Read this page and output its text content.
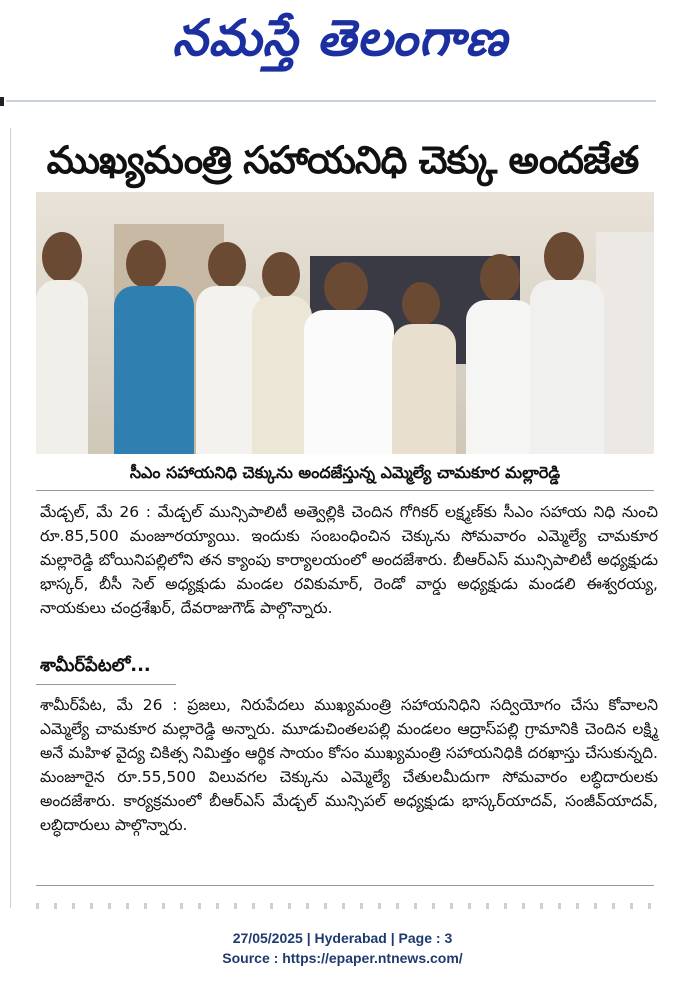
నమస్తే తెలంగాణ
ముఖ్యమంత్రి సహాయనిధి చెక్కు అందజేత
సీఎం సహాయనిధి చెక్కును అందజేస్తున్న ఎమ్మెల్యే చామకూర మల్లారెడ్డి
మేడ్చల్, మే 26 : మేడ్చల్ మున్సిపాలిటీ అత్వెల్లికి చెందిన గోగికర్ లక్ష్మణ్‌కు సీఎం సహాయ నిధి నుంచి రూ.85,500 మంజూరయ్యాయి. ఇందుకు సంబంధించిన చెక్కును సోమవారం ఎమ్మెల్యే చామకూర మల్లారెడ్డి బోయినిపల్లిలోని తన క్యాంపు కార్యాలయంలో అందజేశారు. బీఆర్ఎస్ మున్సిపాలిటీ అధ్యక్షుడు భాస్కర్, బీసీ సెల్ అధ్యక్షుడు మండల రవికుమార్, రెండో వార్డు అధ్యక్షుడు మండలి ఈశ్వరయ్య, నాయకులు చంద్రశేఖర్, దేవరాజుగౌడ్ పాల్గొన్నారు.
శామీర్‌పేటలో...
శామీర్‌పేట, మే 26 : ప్రజలు, నిరుపేదలు ముఖ్యమంత్రి సహాయనిధిని సద్వియోగం చేసు కోవాలని ఎమ్మెల్యే చామకూర మల్లారెడ్డి అన్నారు. మూడుచింతలపల్లి మండలం ఆద్రాస్‌పల్లి గ్రామానికి చెందిన లక్ష్మి అనే మహిళ వైద్య చికిత్స నిమిత్తం ఆర్థిక సాయం కోసం ముఖ్యమంత్రి సహాయనిధికి దరఖాస్తు చేసుకున్నది. మంజూరైన రూ.55,500 విలువగల చెక్కును ఎమ్మెల్యే చేతులమీదుగా సోమవారం లబ్ధిదారులకు అందజేశారు. కార్యక్రమంలో బీఆర్ఎస్ మేడ్చల్ మున్సిపల్ అధ్యక్షుడు భాస్కర్‌యాదవ్, సంజీవ్‌యాదవ్, లబ్ధిదారులు పాల్గొన్నారు.
27/05/2025 | Hyderabad | Page : 3
Source : https://epaper.ntnews.com/
